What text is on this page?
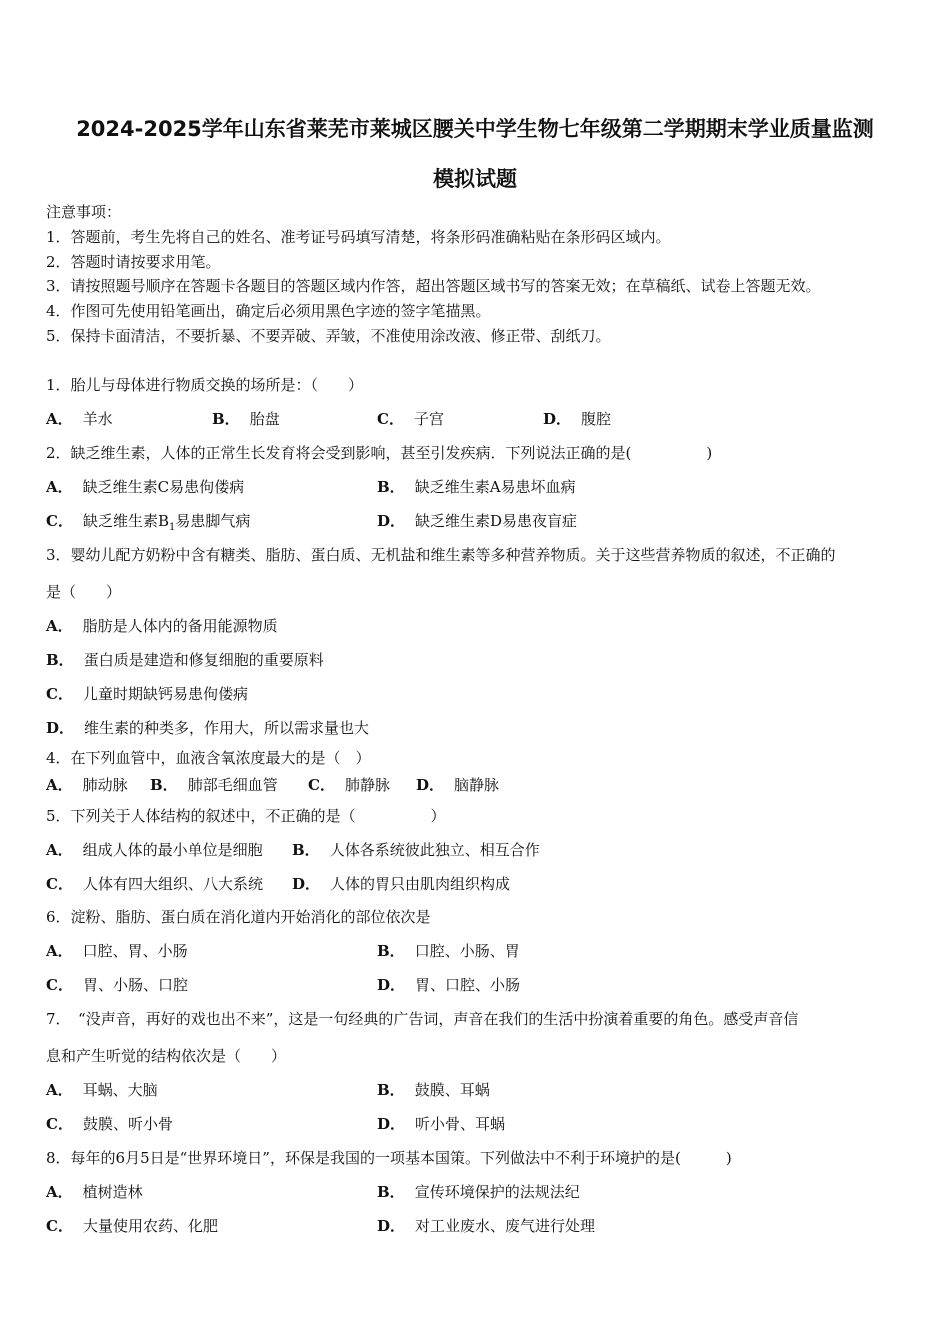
2024-2025学年山东省莱芜市莱城区腰关中学生物七年级第二学期期末学业质量监测
模拟试题
注意事项：
1．答题前，考生先将自己的姓名、准考证号码填写清楚，将条形码准确粘贴在条形码区域内。
2．答题时请按要求用笔。
3．请按照题号顺序在答题卡各题目的答题区域内作答，超出答题区域书写的答案无效；在草稿纸、试卷上答题无效。
4．作图可先使用铅笔画出，确定后必须用黑色字迹的签字笔描黑。
5．保持卡面清洁，不要折暴、不要弄破、弄皱，不准使用涂改液、修正带、刮纸刀。
1．胎儿与母体进行物质交换的场所是：（　　）
A． 羊水	B． 胎盘	C． 子宫	D． 腹腔
2．缺乏维生素，人体的正常生长发育将会受到影响，甚至引发疾病．下列说法正确的是(　　　　　)
A． 缺乏维生素C易患佝偻病	B． 缺乏维生素A易患坏血病
C． 缺乏维生素$B_1$易患脚气病	D． 缺乏维生素D易患夜盲症
3．婴幼儿配方奶粉中含有糖类、脂肪、蛋白质、无机盐和维生素等多种营养物质。关于这些营养物质的叙述，不正确的
是（　　）
A． 脂肪是人体内的备用能源物质
B． 蛋白质是建造和修复细胞的重要原料
C． 儿童时期缺钙易患佝偻病
D． 维生素的种类多，作用大，所以需求量也大
4．在下列血管中，血液含氧浓度最大的是（　）
A． 肺动脉 B． 肺部毛细血管 C． 肺静脉 D． 脑静脉
5．下列关于人体结构的叙述中，不正确的是（　　　　　）
A． 组成人体的最小单位是细胞 B． 人体各系统彼此独立、相互合作
C． 人体有四大组织、八大系统 D． 人体的胃只由肌肉组织构成
6．淀粉、脂肪、蛋白质在消化道内开始消化的部位依次是
A． 口腔、胃、小肠	B． 口腔、小肠、胃
C． 胃、小肠、口腔	D． 胃、口腔、小肠
7．　“没声音，再好的戏也出不来”，这是一句经典的广告词，声音在我们的生活中扮演着重要的角色。感受声音信
息和产生听觉的结构依次是（　　）
A． 耳蜗、大脑	B． 鼓膜、耳蜗
C． 鼓膜、听小骨	D． 听小骨、耳蜗
8．每年的6月5日是“世界环境日”，环保是我国的一项基本国策。下列做法中不利于环境护的是(　　　)
A． 植树造林	B． 宣传环境保护的法规法纪
C． 大量使用农药、化肥	D． 对工业废水、废气进行处理
